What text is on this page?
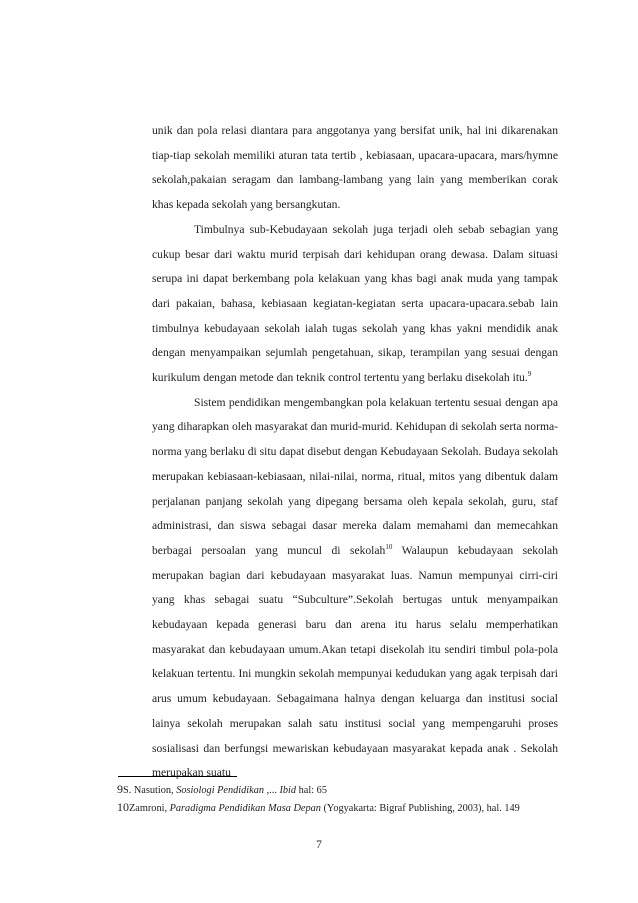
unik dan pola relasi diantara para anggotanya yang bersifat unik, hal ini dikarenakan tiap-tiap sekolah memiliki aturan tata tertib , kebiasaan, upacara-upacara, mars/hymne sekolah,pakaian seragam dan lambang-lambang yang lain yang memberikan corak khas kepada sekolah yang bersangkutan.

Timbulnya sub-Kebudayaan sekolah juga terjadi oleh sebab sebagian yang cukup besar dari waktu murid terpisah dari kehidupan orang dewasa. Dalam situasi serupa ini dapat berkembang pola kelakuan yang khas bagi anak muda yang tampak dari pakaian, bahasa, kebiasaan kegiatan-kegiatan serta upacara-upacara.sebab lain timbulnya kebudayaan sekolah ialah tugas sekolah yang khas yakni mendidik anak dengan menyampaikan sejumlah pengetahuan, sikap, terampilan yang sesuai dengan kurikulum dengan metode dan teknik control tertentu yang berlaku disekolah itu.$^9$

Sistem pendidikan mengembangkan pola kelakuan tertentu sesuai dengan apa yang diharapkan oleh masyarakat dan murid-murid. Kehidupan di sekolah serta norma-norma yang berlaku di situ dapat disebut dengan Kebudayaan Sekolah. Budaya sekolah merupakan kebiasaan-kebiasaan, nilai-nilai, norma, ritual, mitos yang dibentuk dalam perjalanan panjang sekolah yang dipegang bersama oleh kepala sekolah, guru, staf administrasi, dan siswa sebagai dasar mereka dalam memahami dan memecahkan berbagai persoalan yang muncul di sekolah$^{10}$ Walaupun kebudayaan sekolah merupakan bagian dari kebudayaan masyarakat luas. Namun mempunyai cirri-ciri yang khas sebagai suatu “Subculture”.Sekolah bertugas untuk menyampaikan kebudayaan kepada generasi baru dan arena itu harus selalu memperhatikan masyarakat dan kebudayaan umum.Akan tetapi disekolah itu sendiri timbul pola-pola kelakuan tertentu. Ini mungkin sekolah mempunyai kedudukan yang agak terpisah dari arus umum kebudayaan. Sebagaimana halnya dengan keluarga dan institusi social lainya sekolah merupakan salah satu institusi social yang mempengaruhi proses sosialisasi dan berfungsi mewariskan kebudayaan masyarakat kepada anak . Sekolah merupakan suatu

9S. Nasution, Sosiologi Pendidikan ,... Ibid hal: 65
10Zamroni, Paradigma Pendidikan Masa Depan (Yogyakarta: Bigraf Publishing, 2003), hal. 149
7
